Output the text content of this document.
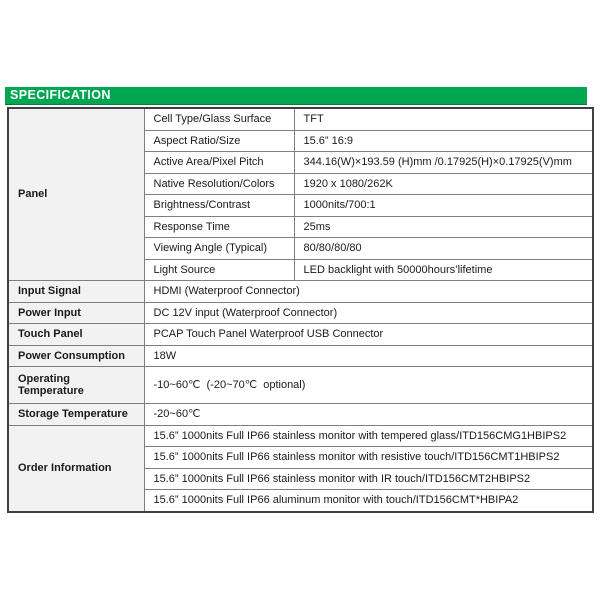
SPECIFICATION
Panel	Cell Type/Glass Surface	TFT
	Aspect Ratio/Size	15.6” 16:9
	Active Area/Pixel Pitch	344.16(W)×193.59 (H)mm /0.17925(H)×0.17925(V)mm
	Native Resolution/Colors	1920 x 1080/262K
	Brightness/Contrast	1000nits/700:1
	Response Time	25ms
	Viewing Angle (Typical)	80/80/80/80
	Light Source	LED backlight with 50000hours’lifetime
Input Signal	HDMI (Waterproof Connector)	
Power Input	DC 12V input (Waterproof Connector)	
Touch Panel	PCAP Touch Panel Waterproof USB Connector	
Power Consumption	18W	
Operating Temperature	-10~60℃  (-20~70℃  optional)	
Storage Temperature	-20~60℃	
Order Information	15.6” 1000nits Full IP66 stainless monitor with tempered glass/ITD156CMG1HBIPS2	
	15.6” 1000nits Full IP66 stainless monitor with resistive touch/ITD156CMT1HBIPS2	
	15.6” 1000nits Full IP66 stainless monitor with IR touch/ITD156CMT2HBIPS2	
	15.6” 1000nits Full IP66 aluminum monitor with touch/ITD156CMT*HBIPA2	
